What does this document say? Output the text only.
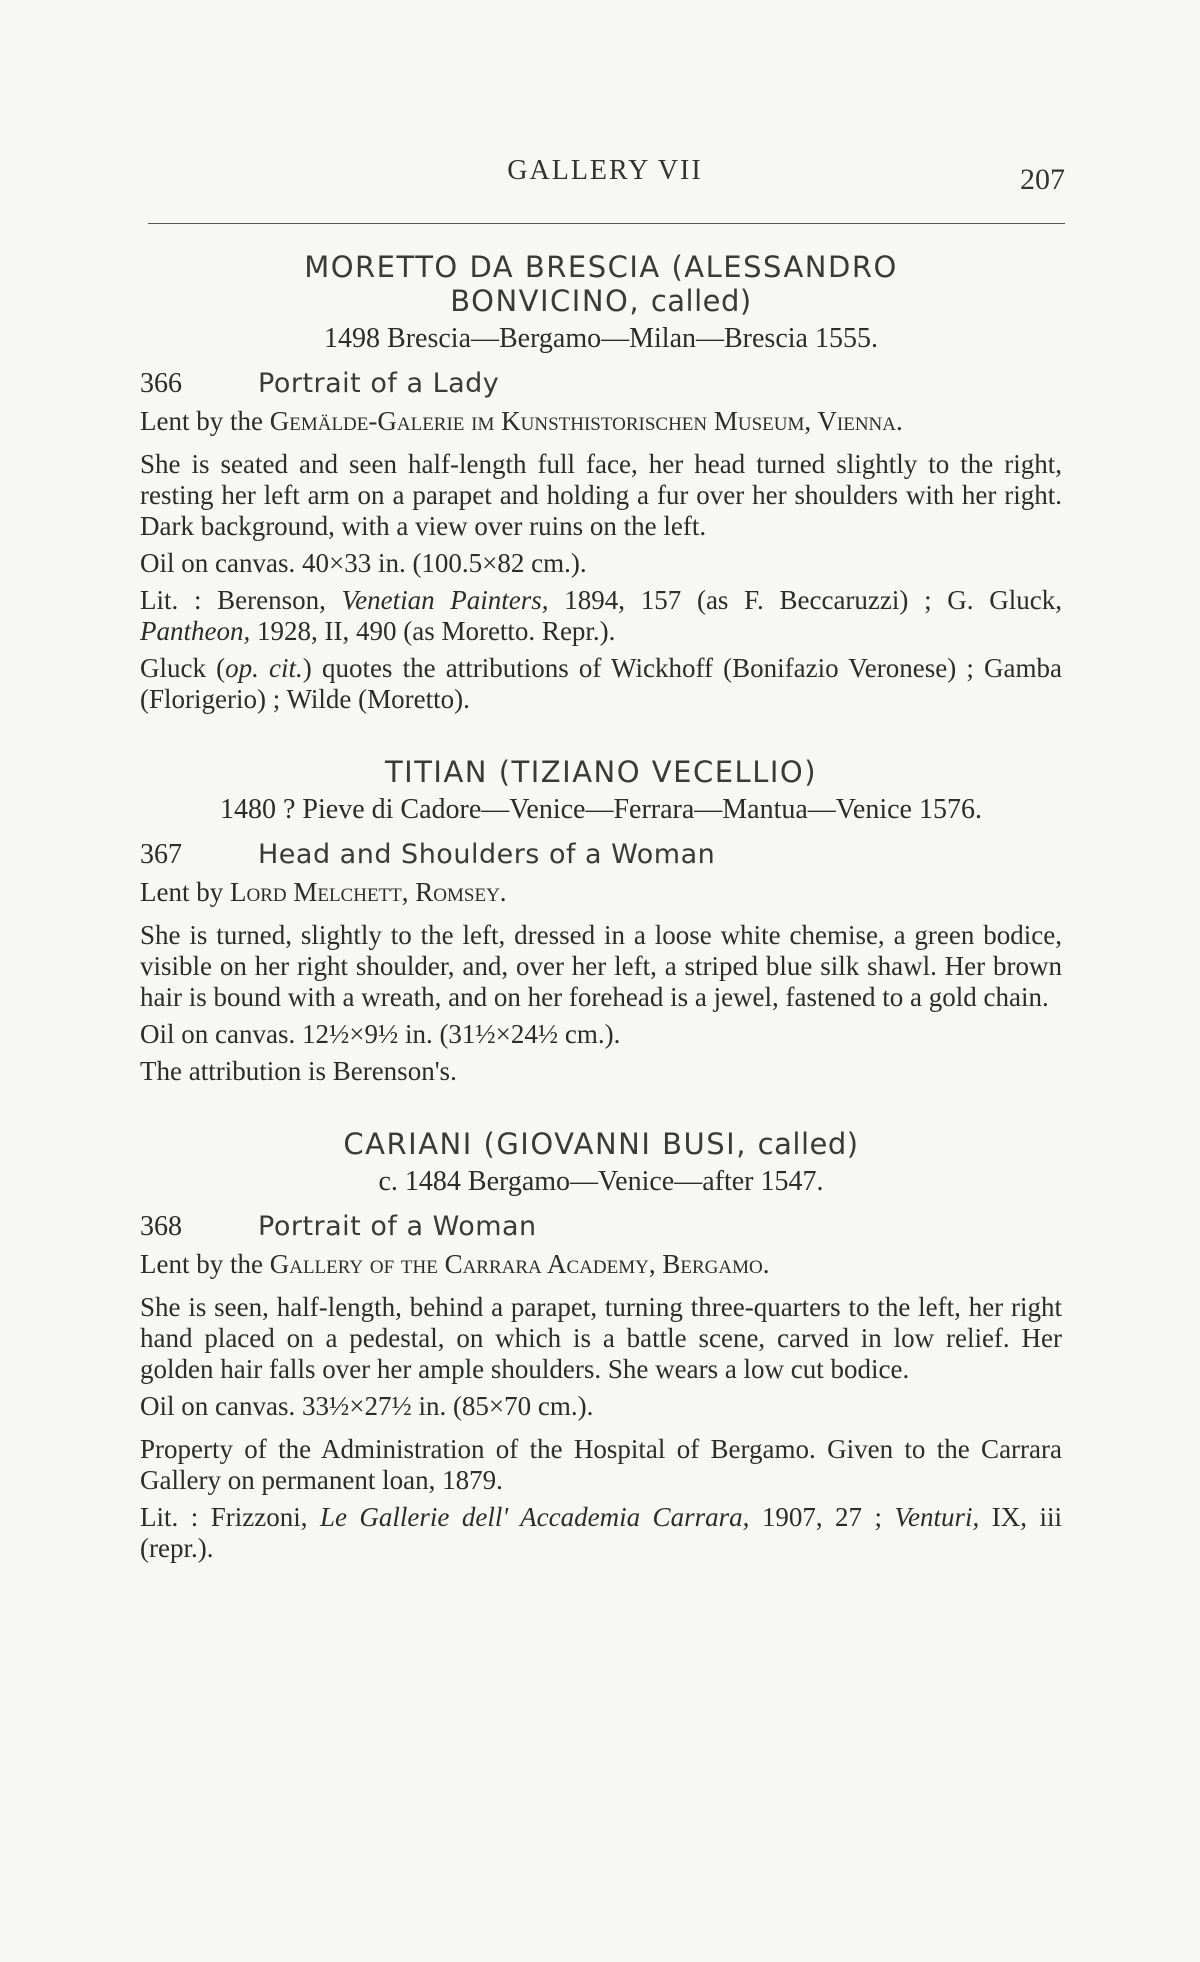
GALLERY VII	207
MORETTO DA BRESCIA (ALESSANDRO
BONVICINO, called)
1498 Brescia—Bergamo—Milan—Brescia 1555.
366	Portrait of a Lady
Lent by the Gemälde-Galerie im Kunsthistorischen Museum, Vienna.
She is seated and seen half-length full face, her head turned slightly to the right, resting her left arm on a parapet and holding a fur over her shoulders with her right. Dark background, with a view over ruins on the left.
Oil on canvas. 40×33 in. (100.5×82 cm.).
Lit. : Berenson, Venetian Painters, 1894, 157 (as F. Beccaruzzi) ; G. Gluck, Pantheon, 1928, II, 490 (as Moretto. Repr.).
Gluck (op. cit.) quotes the attributions of Wickhoff (Bonifazio Veronese) ; Gamba (Florigerio) ; Wilde (Moretto).
TITIAN (TIZIANO VECELLIO)
1480 ? Pieve di Cadore—Venice—Ferrara—Mantua—Venice 1576.
367	Head and Shoulders of a Woman
Lent by Lord Melchett, Romsey.
She is turned, slightly to the left, dressed in a loose white chemise, a green bodice, visible on her right shoulder, and, over her left, a striped blue silk shawl. Her brown hair is bound with a wreath, and on her forehead is a jewel, fastened to a gold chain.
Oil on canvas. 12½×9½ in. (31½×24½ cm.).
The attribution is Berenson's.
CARIANI (GIOVANNI BUSI, called)
c. 1484 Bergamo—Venice—after 1547.
368	Portrait of a Woman
Lent by the Gallery of the Carrara Academy, Bergamo.
She is seen, half-length, behind a parapet, turning three-quarters to the left, her right hand placed on a pedestal, on which is a battle scene, carved in low relief. Her golden hair falls over her ample shoulders. She wears a low cut bodice.
Oil on canvas. 33½×27½ in. (85×70 cm.).
Property of the Administration of the Hospital of Bergamo. Given to the Carrara Gallery on permanent loan, 1879.
Lit. : Frizzoni, Le Gallerie dell' Accademia Carrara, 1907, 27 ; Venturi, IX, iii (repr.).
